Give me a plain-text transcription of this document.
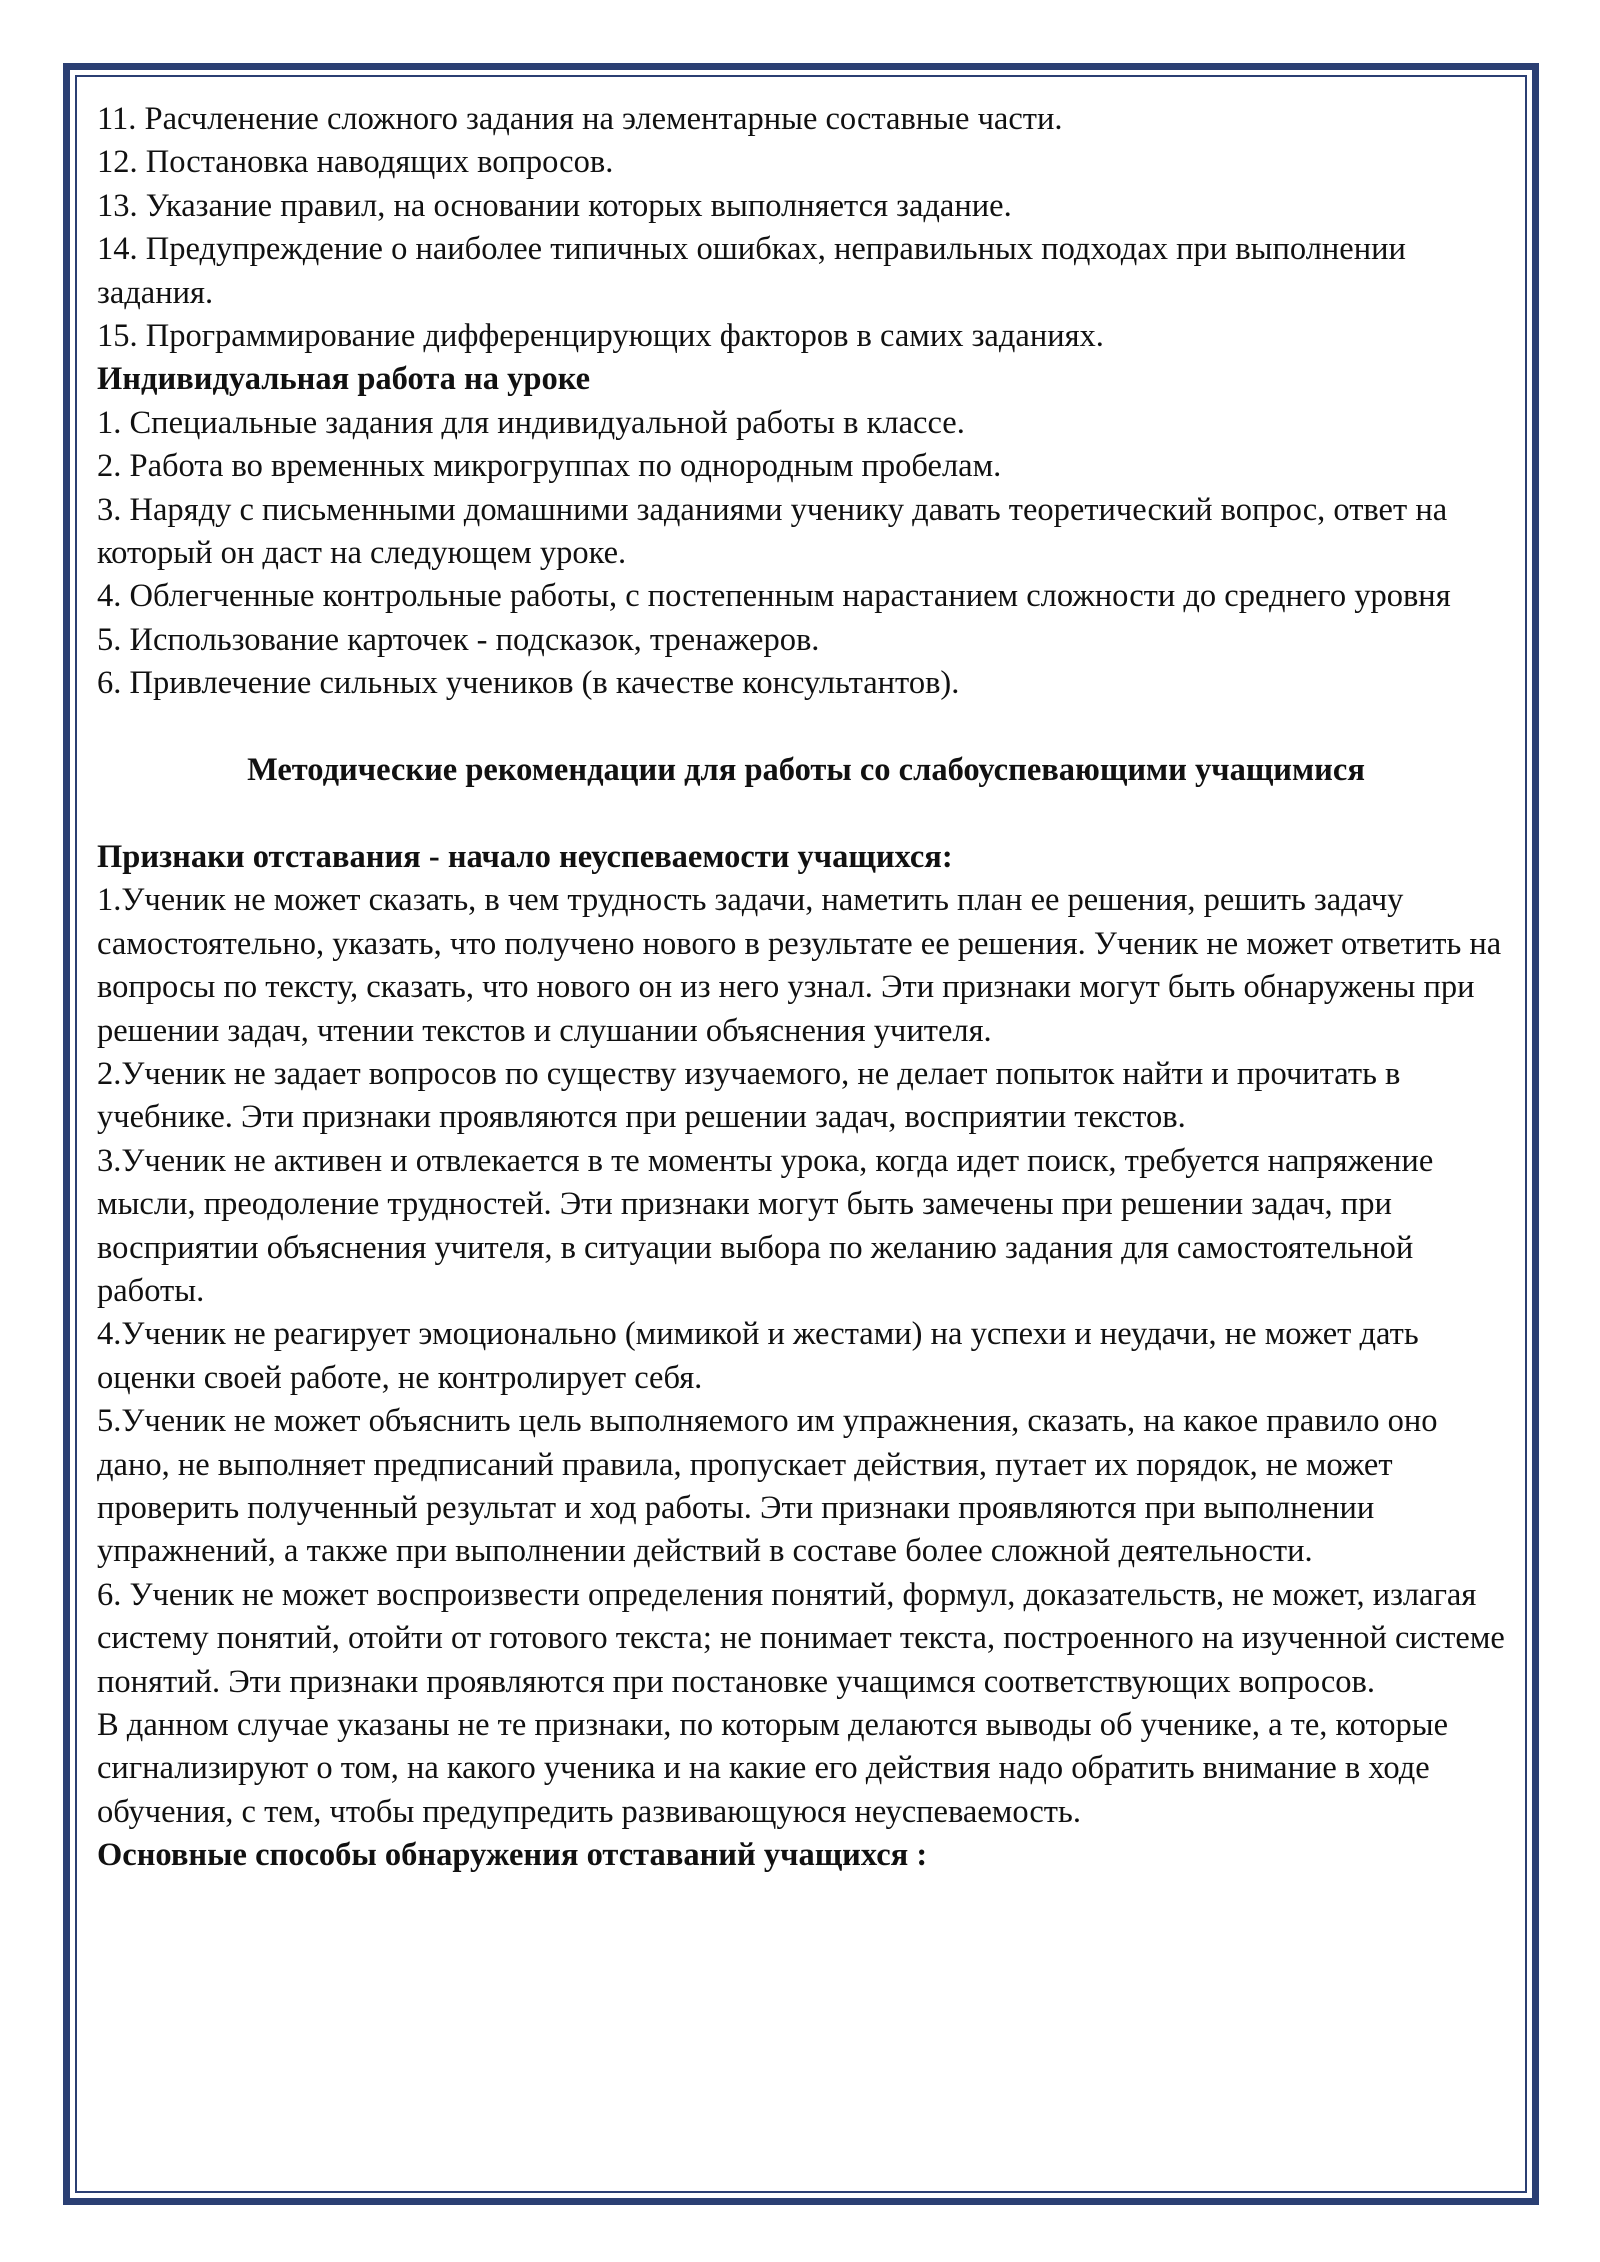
11. Расчленение сложного задания на элементарные составные части.

12. Постановка наводящих вопросов.

13. Указание правил, на основании которых выполняется задание.

14. Предупреждение о наиболее типичных ошибках, неправильных подходах при выполнении задания.

15. Программирование дифференцирующих факторов в самих заданиях.

Индивидуальная работа на уроке

1. Специальные задания для индивидуальной работы в классе.

2. Работа во временных микрогруппах по однородным пробелам.

3. Наряду с письменными домашними заданиями ученику давать теоретический вопрос, ответ на который он даст на следующем уроке.

4. Облегченные контрольные работы, с постепенным нарастанием сложности до среднего уровня

5. Использование карточек - подсказок, тренажеров.

6. Привлечение сильных учеников (в качестве консультантов).

Методические рекомендации для работы со слабоуспевающими учащимися

Признаки отставания - начало неуспеваемости учащихся:

1.Ученик не может сказать, в чем трудность задачи, наметить план ее решения, решить задачу самостоятельно, указать, что получено нового в результате ее решения. Ученик не может ответить на вопросы по тексту, сказать, что нового он из него узнал. Эти признаки могут быть обнаружены при решении задач, чтении текстов и слушании объяснения учителя.

2.Ученик не задает вопросов по существу изучаемого, не делает попыток найти и прочитать в учебнике. Эти признаки проявляются при решении задач, восприятии текстов.

3.Ученик не активен и отвлекается в те моменты урока, когда идет поиск, требуется напряжение мысли, преодоление трудностей. Эти признаки могут быть замечены при решении задач, при восприятии объяснения учителя, в ситуации выбора по желанию задания для самостоятельной работы.

4.Ученик не реагирует эмоционально (мимикой и жестами) на успехи и неудачи, не может дать оценки своей работе, не контролирует себя.

5.Ученик не может объяснить цель выполняемого им упражнения, сказать, на какое правило оно дано, не выполняет предписаний правила, пропускает действия, путает их порядок, не может проверить полученный результат и ход работы. Эти признаки проявляются при выполнении упражнений, а также при выполнении действий в составе более сложной деятельности.

6. Ученик не может воспроизвести определения понятий, формул, доказательств, не может, излагая систему понятий, отойти от готового текста; не понимает текста, построенного на изученной системе понятий. Эти признаки проявляются при постановке учащимся соответствующих вопросов.

В данном случае указаны не те признаки, по которым делаются выводы об ученике, а те, которые сигнализируют о том, на какого ученика и на какие его действия надо обратить внимание в ходе обучения, с тем, чтобы предупредить развивающуюся неуспеваемость.

Основные способы обнаружения отставаний учащихся :
